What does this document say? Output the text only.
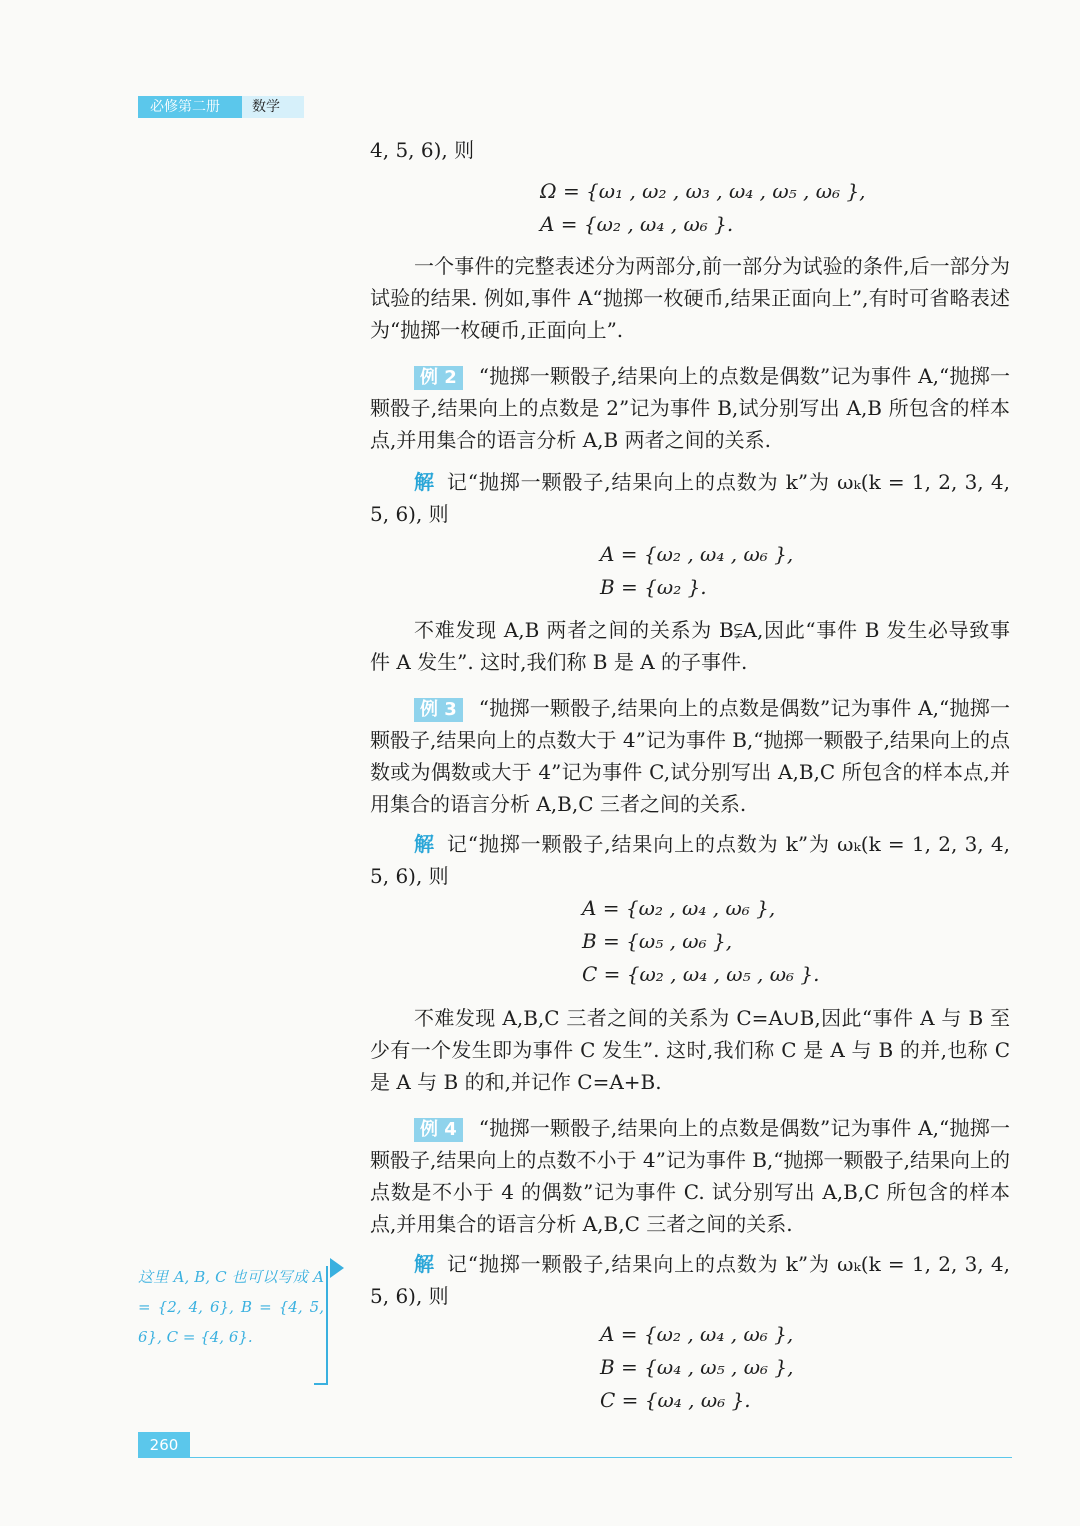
必修第二册	数学
4, 5, 6), 则
Ω = {ω₁ , ω₂ , ω₃ , ω₄ , ω₅ , ω₆ },
A = {ω₂ , ω₄ , ω₆ }.
一个事件的完整表述分为两部分,前一部分为试验的条件,后一部分为试验的结果. 例如,事件 A“抛掷一枚硬币,结果正面向上”,有时可省略表述为“抛掷一枚硬币,正面向上”.
例 2 “抛掷一颗骰子,结果向上的点数是偶数”记为事件 A,“抛掷一颗骰子,结果向上的点数是 2”记为事件 B,试分别写出 A,B 所包含的样本点,并用集合的语言分析 A,B 两者之间的关系.
解 记“抛掷一颗骰子,结果向上的点数为 k”为 ωₖ(k = 1, 2, 3, 4, 5, 6), 则
A = {ω₂ , ω₄ , ω₆ },
B = {ω₂ }.
不难发现 A,B 两者之间的关系为 B⫋A,因此“事件 B 发生必导致事件 A 发生”. 这时,我们称 B 是 A 的子事件.
例 3 “抛掷一颗骰子,结果向上的点数是偶数”记为事件 A,“抛掷一颗骰子,结果向上的点数大于 4”记为事件 B,“抛掷一颗骰子,结果向上的点数或为偶数或大于 4”记为事件 C,试分别写出 A,B,C 所包含的样本点,并用集合的语言分析 A,B,C 三者之间的关系.
解 记“抛掷一颗骰子,结果向上的点数为 k”为 ωₖ(k = 1, 2, 3, 4, 5, 6), 则
A = {ω₂ , ω₄ , ω₆ },
B = {ω₅ , ω₆ },
C = {ω₂ , ω₄ , ω₅ , ω₆ }.
不难发现 A,B,C 三者之间的关系为 C=A∪B,因此“事件 A 与 B 至少有一个发生即为事件 C 发生”. 这时,我们称 C 是 A 与 B 的并,也称 C 是 A 与 B 的和,并记作 C=A+B.
例 4 “抛掷一颗骰子,结果向上的点数是偶数”记为事件 A,“抛掷一颗骰子,结果向上的点数不小于 4”记为事件 B,“抛掷一颗骰子,结果向上的点数是不小于 4 的偶数”记为事件 C. 试分别写出 A,B,C 所包含的样本点,并用集合的语言分析 A,B,C 三者之间的关系.
解 记“抛掷一颗骰子,结果向上的点数为 k”为 ωₖ(k = 1, 2, 3, 4, 5, 6), 则
A = {ω₂ , ω₄ , ω₆ },
B = {ω₄ , ω₅ , ω₆ },
C = {ω₄ , ω₆ }.
这里 A, B, C 也可以写成 A = {2, 4, 6}, B = {4, 5, 6}, C = {4, 6}.
260
